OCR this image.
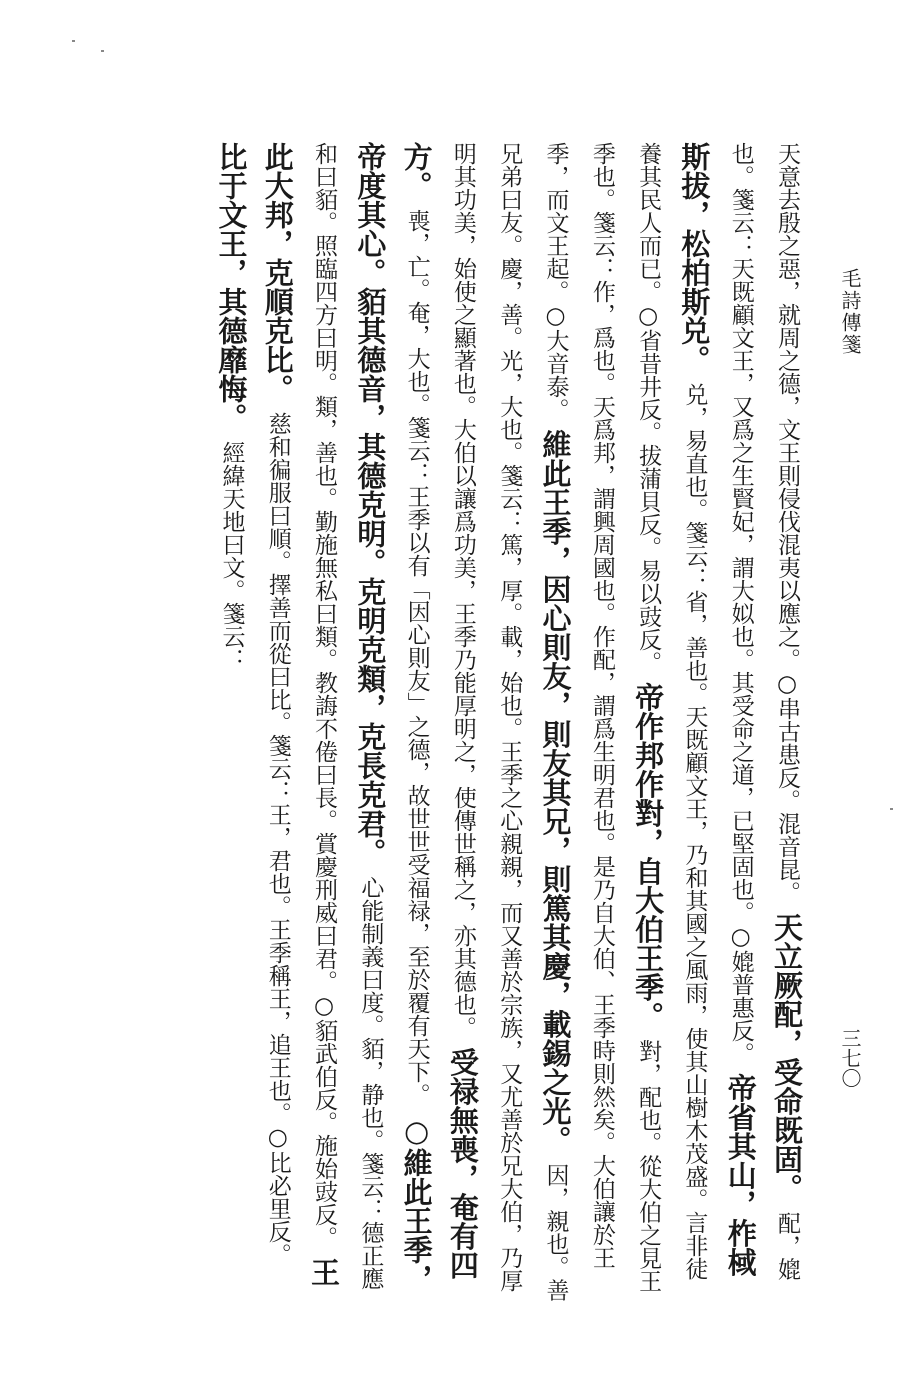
毛詩傳箋
三七〇
天意去殷之惡，就周之德，文王則侵伐混夷以應之。○串古患反。混音昆。 天立厥配，受命既固。 配，媲也。箋云：天既顧文王，又爲之生賢妃，謂大姒也。其受命之道，已堅固也。○媲普惠反。 帝省其山，柞棫斯拔，松柏斯兑。 兑，易直也。箋云：省，善也。天既顧文王，乃和其國之風雨，使其山樹木茂盛。言非徒養其民人而已。○省昔井反。拔蒲貝反。易以豉反。 帝作邦作對，自大伯王季。 對，配也。從大伯之見王季也。箋云：作，爲也。天爲邦，謂興周國也。作配，謂爲生明君也。是乃自大伯、王季時則然矣。大伯讓於王季，而文王起。○大音泰。 維此王季，因心則友，則友其兄，則篤其慶，載錫之光。 因，親也。善兄弟曰友。慶，善。光，大也。箋云：篤，厚。載，始也。王季之心親親，而又善於宗族，又尤善於兄大伯，乃厚明其功美，始使之顯著也。大伯以讓爲功美，王季乃能厚明之，使傳世稱之，亦其德也。 受禄無喪，奄有四方。 喪，亡。奄，大也。箋云：王季以有「因心則友」之德，故世世受福禄，至於覆有天下。 ○維此王季，帝度其心。貊其德音，其德克明。克明克類，克長克君。 心能制義曰度。貊，静也。箋云：德正應和曰貊。照臨四方曰明。類，善也。勤施無私曰類。教誨不倦曰長。賞慶刑威曰君。○貊武伯反。施始豉反。 王此大邦，克順克比。 慈和徧服曰順。擇善而從曰比。箋云：王，君也。王季稱王，追王也。○比必里反。 比于文王，其德靡悔。 經緯天地曰文。箋云：
